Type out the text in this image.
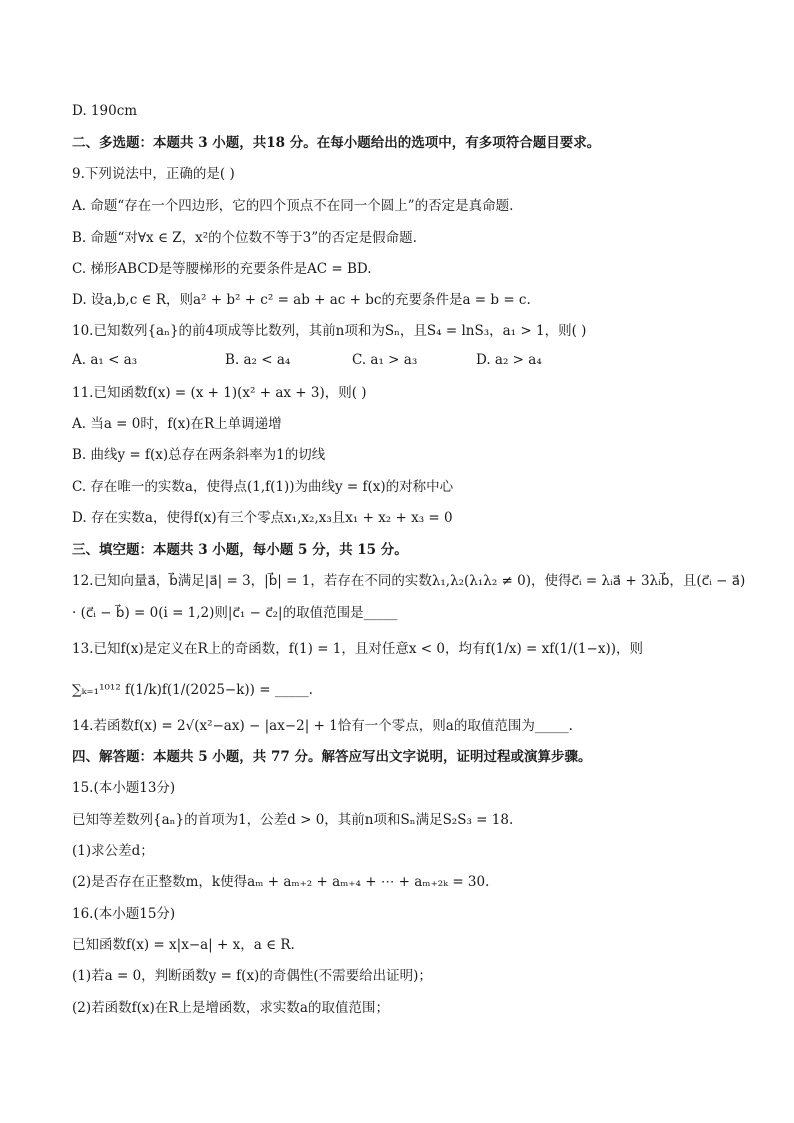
D. 190cm
二、多选题：本题共 3 小题，共18 分。在每小题给出的选项中，有多项符合题目要求。
9.下列说法中，正确的是( )
A. 命题“存在一个四边形，它的四个顶点不在同一个圆上”的否定是真命题.
B. 命题“对∀x ∈ Z，x²的个位数不等于3”的否定是假命题.
C. 梯形ABCD是等腰梯形的充要条件是AC = BD.
D. 设a,b,c ∈ R，则a² + b² + c² = ab + ac + bc的充要条件是a = b = c.
10.已知数列{aₙ}的前4项成等比数列，其前n项和为Sₙ，且S₄ = lnS₃，a₁ > 1，则( )
A. a₁ < a₃	B. a₂ < a₄	C. a₁ > a₃	D. a₂ > a₄
11.已知函数f(x) = (x + 1)(x² + ax + 3)，则( )
A. 当a = 0时，f(x)在R上单调递增
B. 曲线y = f(x)总存在两条斜率为1的切线
C. 存在唯一的实数a，使得点(1,f(1))为曲线y = f(x)的对称中心
D. 存在实数a，使得f(x)有三个零点x₁,x₂,x₃且x₁ + x₂ + x₃ = 0
三、填空题：本题共 3 小题，每小题 5 分，共 15 分。
12.已知向量a⃗，b⃗满足|a⃗| = 3，|b⃗| = 1，若存在不同的实数λ₁,λ₂(λ₁λ₂ ≠ 0)，使得c⃗ᵢ = λᵢa⃗ + 3λᵢb⃗，且(c⃗ᵢ − a⃗)
· (c⃗ᵢ − b⃗) = 0(i = 1,2)则|c⃗₁ − c⃗₂|的取值范围是_____
13.已知f(x)是定义在R上的奇函数，f(1) = 1，且对任意x < 0，均有f(1/x) = xf(1/(1−x))，则
∑ₖ₌₁¹⁰¹² f(1/k)f(1/(2025−k)) = _____.
14.若函数f(x) = 2√(x²−ax) − |ax−2| + 1恰有一个零点，则a的取值范围为_____.
四、解答题：本题共 5 小题，共 77 分。解答应写出文字说明，证明过程或演算步骤。
15.(本小题13分)
已知等差数列{aₙ}的首项为1，公差d > 0，其前n项和Sₙ满足S₂S₃ = 18.
(1)求公差d；
(2)是否存在正整数m，k使得aₘ + aₘ₊₂ + aₘ₊₄ + ⋯ + aₘ₊₂ₖ = 30.
16.(本小题15分)
已知函数f(x) = x|x−a| + x，a ∈ R.
(1)若a = 0，判断函数y = f(x)的奇偶性(不需要给出证明)；
(2)若函数f(x)在R上是增函数，求实数a的取值范围；
